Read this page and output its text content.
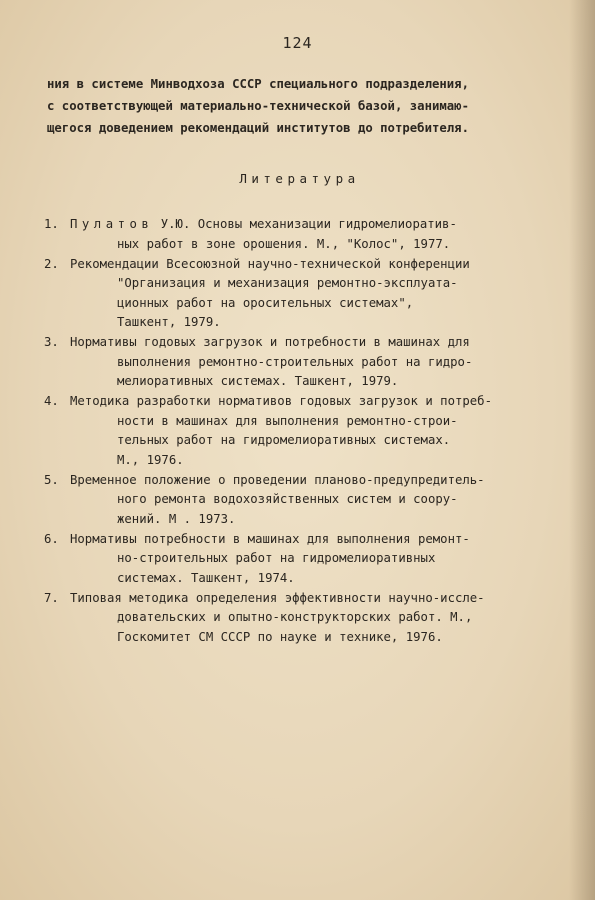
124
ния в системе Минводхоза СССР специального подразделения,
с соответствующей материально-технической базой, занимаю-
щегося доведением рекомендаций институтов до потребителя.
Литература
1. Пулатов У.Ю. Основы механизации гидромелиоратив-
ных работ в зоне орошения. М., "Колос", 1977.
2. Рекомендации Всесоюзной научно-технической конференции
"Организация и механизация ремонтно-эксплуата-
ционных работ на оросительных системах",
Ташкент, 1979.
3. Нормативы годовых загрузок и потребности в машинах для
выполнения ремонтно-строительных работ на гидро-
мелиоративных системах. Ташкент, 1979.
4. Методика разработки нормативов годовых загрузок и потреб-
ности в машинах для выполнения ремонтно-строи-
тельных работ на гидромелиоративных системах.
М., 1976.
5. Временное положение о проведении планово-предупредитель-
ного ремонта водохозяйственных систем и соору-
жений. М . 1973.
6. Нормативы потребности в машинах для выполнения ремонт-
но-строительных работ на гидромелиоративных
системах. Ташкент, 1974.
7. Типовая методика определения эффективности научно-иссле-
довательских и опытно-конструкторских работ. М.,
Госкомитет СМ СССР по науке и технике, 1976.
